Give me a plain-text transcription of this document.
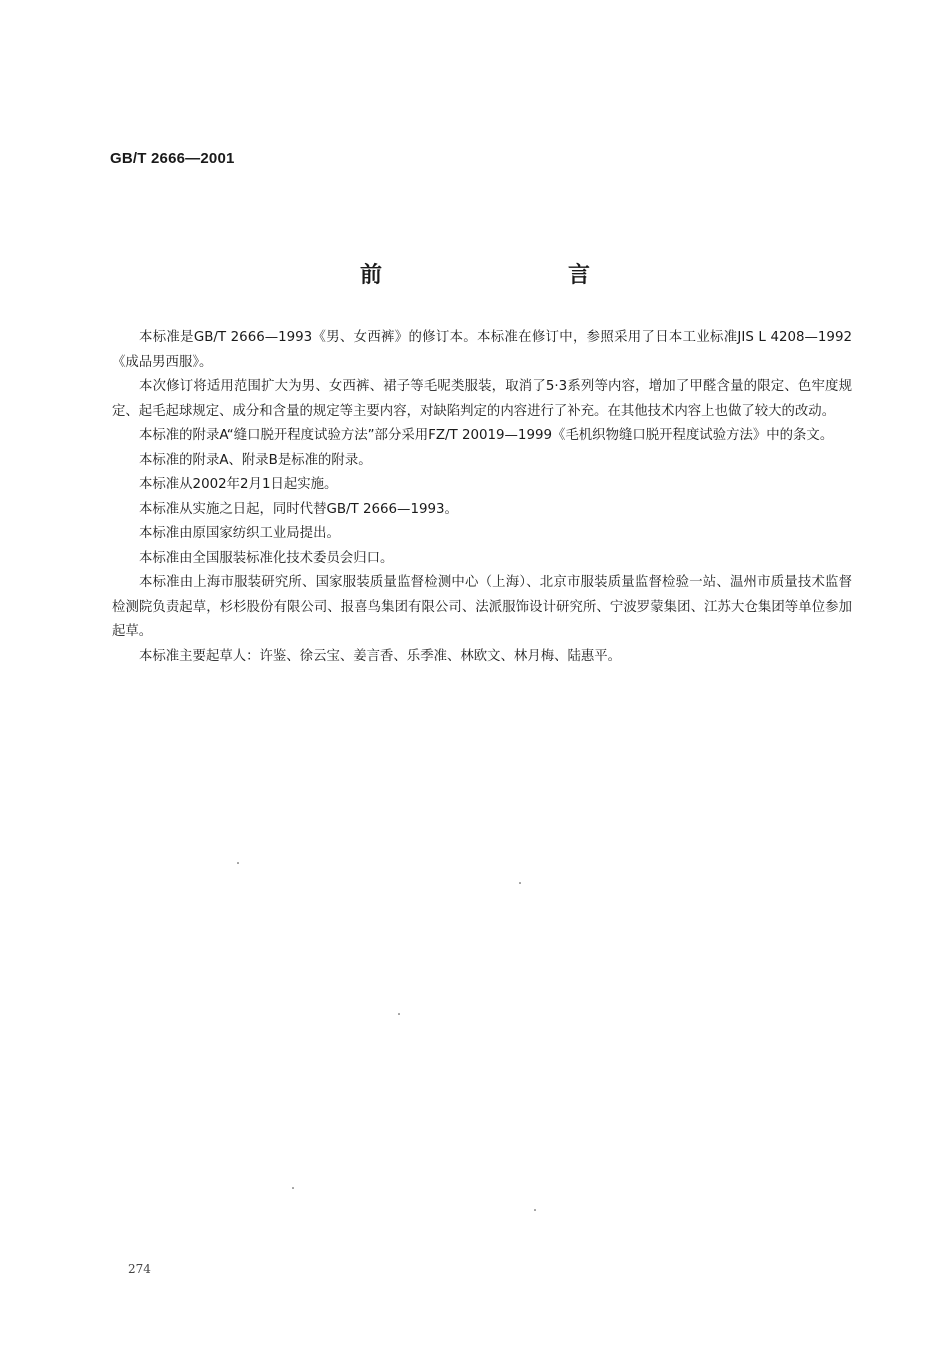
GB/T 2666—2001
前　言

本标准是GB/T 2666—1993《男、女西裤》的修订本。本标准在修订中，参照采用了日本工业标准JIS L 4208—1992《成品男西服》。

本次修订将适用范围扩大为男、女西裤、裙子等毛呢类服装，取消了5·3系列等内容，增加了甲醛含量的限定、色牢度规定、起毛起球规定、成分和含量的规定等主要内容，对缺陷判定的内容进行了补充。在其他技术内容上也做了较大的改动。

本标准的附录A“缝口脱开程度试验方法”部分采用FZ/T 20019—1999《毛机织物缝口脱开程度试验方法》中的条文。

本标准的附录A、附录B是标准的附录。

本标准从2002年2月1日起实施。

本标准从实施之日起，同时代替GB/T 2666—1993。

本标准由原国家纺织工业局提出。

本标准由全国服装标准化技术委员会归口。

本标准由上海市服装研究所、国家服装质量监督检测中心（上海）、北京市服装质量监督检验一站、温州市质量技术监督检测院负责起草，杉杉股份有限公司、报喜鸟集团有限公司、法派服饰设计研究所、宁波罗蒙集团、江苏大仓集团等单位参加起草。

本标准主要起草人：许鉴、徐云宝、姜言香、乐季准、林欧文、林月梅、陆惠平。

274
